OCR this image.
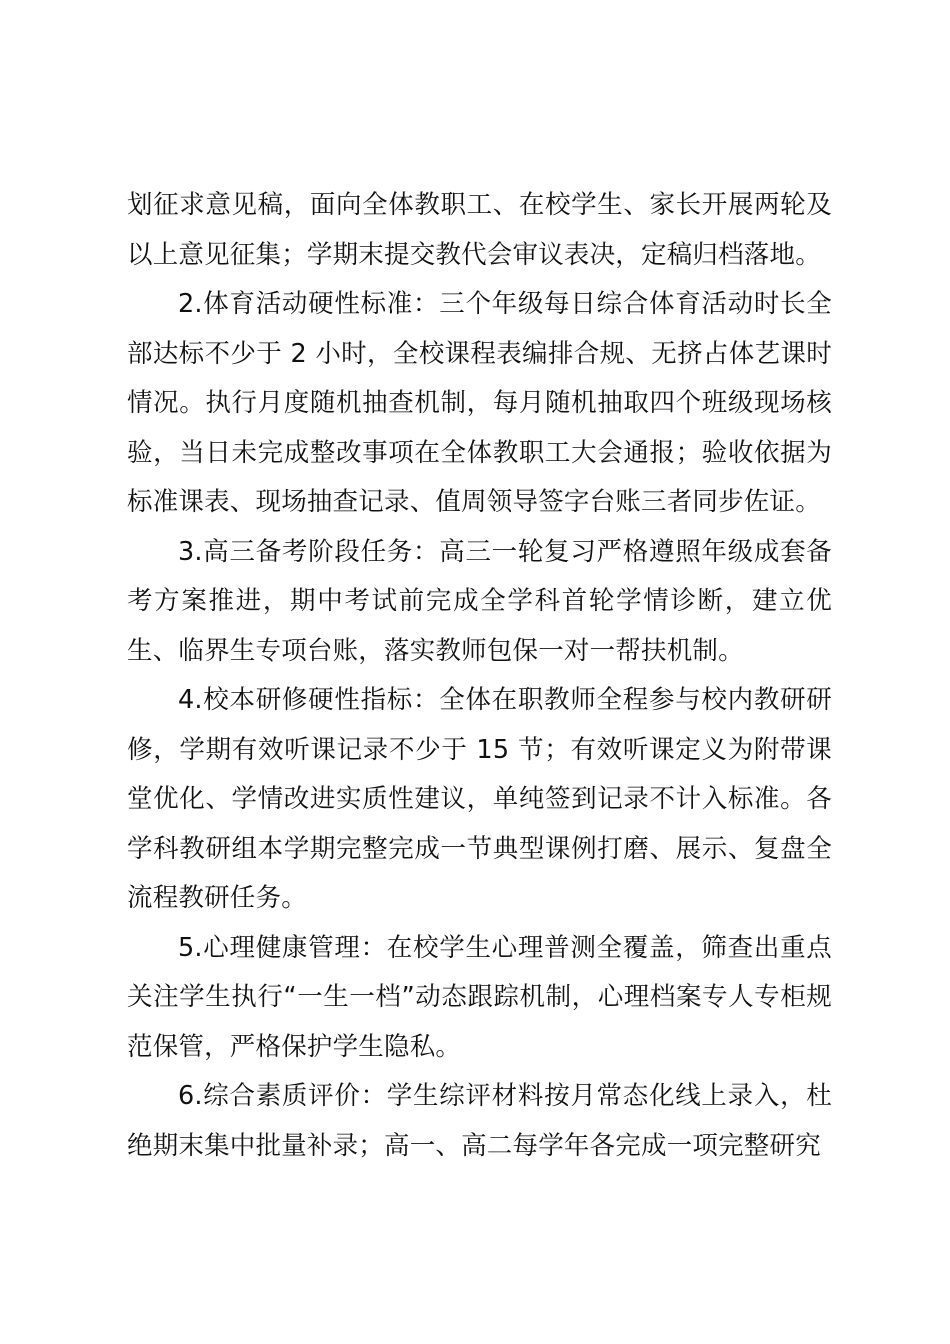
划征求意见稿，面向全体教职工、在校学生、家长开展两轮及以上意见征集；学期末提交教代会审议表决，定稿归档落地。

2.体育活动硬性标准：三个年级每日综合体育活动时长全部达标不少于 2 小时，全校课程表编排合规、无挤占体艺课时情况。执行月度随机抽查机制，每月随机抽取四个班级现场核验，当日未完成整改事项在全体教职工大会通报；验收依据为标准课表、现场抽查记录、值周领导签字台账三者同步佐证。

3.高三备考阶段任务：高三一轮复习严格遵照年级成套备考方案推进，期中考试前完成全学科首轮学情诊断，建立优生、临界生专项台账，落实教师包保一对一帮扶机制。

4.校本研修硬性指标：全体在职教师全程参与校内教研研修，学期有效听课记录不少于 15 节；有效听课定义为附带课堂优化、学情改进实质性建议，单纯签到记录不计入标准。各学科教研组本学期完整完成一节典型课例打磨、展示、复盘全流程教研任务。

5.心理健康管理：在校学生心理普测全覆盖，筛查出重点关注学生执行“一生一档”动态跟踪机制，心理档案专人专柜规范保管，严格保护学生隐私。

6.综合素质评价：学生综评材料按月常态化线上录入，杜绝期末集中批量补录；高一、高二每学年各完成一项完整研究
